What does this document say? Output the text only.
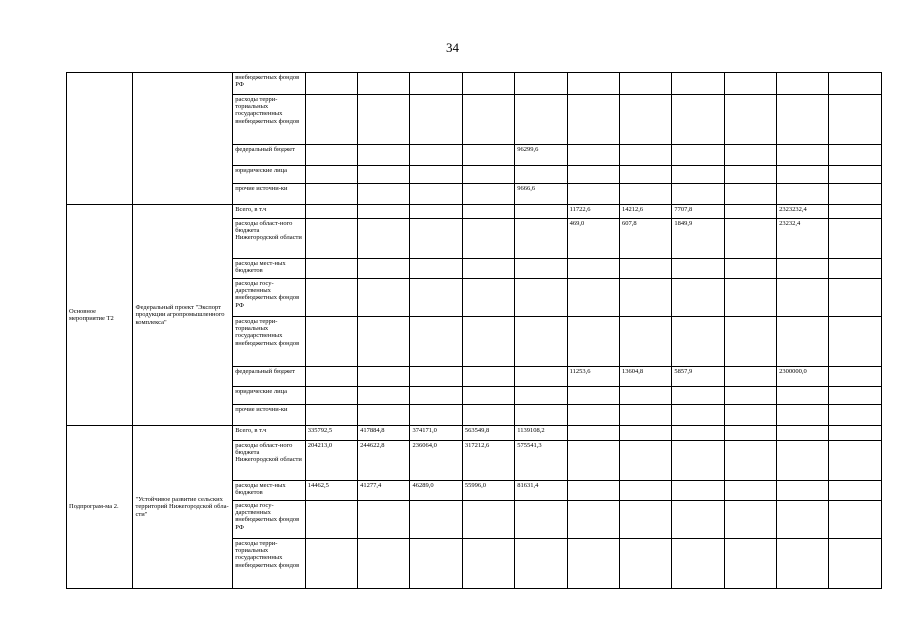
34
		внебюджетных фондов РФ											
		расходы терри-ториальных государственных внебюджетных фондов											
		федеральный бюджет					96299,6						
		юридические лица											
		прочие источни-ки					9666,6						
Основное мероприятие Т2	Федеральный проект "Экспорт продукции агропромышленного комплекса"	Всего, в т.ч						11722,6	14212,6	7707,8		2323232,4	
		расходы област-ного бюджета Нижегородской области						469,0	607,8	1849,9		23232,4	
		расходы мест-ных бюджетов											
		расходы госу-дарственных внебюджетных фондов РФ											
		расходы терри-ториальных государственных внебюджетных фондов											
		федеральный бюджет						11253,6	13604,8	5857,9		2300000,0	
		юридические лица											
		прочие источни-ки											
Подпрограм-ма 2.	"Устойчивое развитие сельских территорий Нижегородской обла-сти"	Всего, в т.ч	335792,5	417884,8	374171,0	563549,8	1139108,2						
		расходы област-ного бюджета Нижегородской области	204213,0	244622,8	236064,0	317212,6	575541,3						
		расходы мест-ных бюджетов	14462,5	41277,4	46289,0	55996,0	81631,4						
		расходы госу-дарственных внебюджетных фондов РФ											
		расходы терри-ториальных государственных внебюджетных фондов											
